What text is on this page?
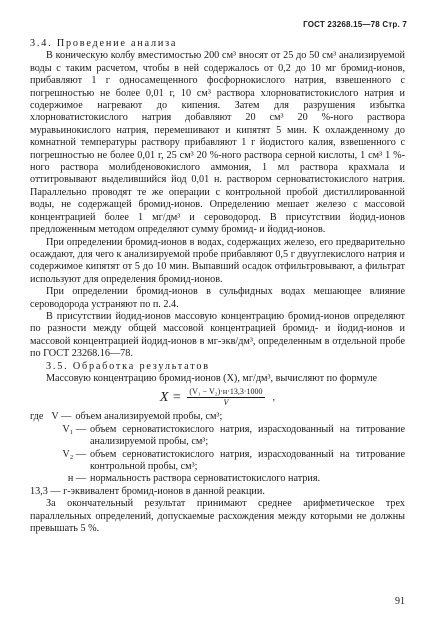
ГОСТ 23268.15—78 Стр. 7

3.4. Проведение анализа

В коническую колбу вместимостью 200 см³ вносят от 25 до 50 см³ анализируемой воды с таким расчетом, чтобы в ней содержалось от 0,2 до 10 мг бромид-ионов, прибавляют 1 г односамещенного фосфорнокислого натрия, взвешенного с погрешностью не более 0,01 г, 10 см³ раствора хлорноватистокислого натрия и содержимое нагревают до кипения. Затем для разрушения избытка хлорноватистокислого натрия добавляют 20 см³ 20 %-ного раствора муравьинокислого натрия, перемешивают и кипятят 5 мин. К охлажденному до комнатной температуры раствору прибавляют 1 г йодистого калия, взвешенного с погрешностью не более 0,01 г, 25 см³ 20 %-ного раствора серной кислоты, 1 см³ 1 %-ного раствора молибденовокислого аммония, 1 мл раствора крахмала и оттитровывают выделившийся йод 0,01 н. раствором серноватистокислого натрия. Параллельно проводят те же операции с контрольной пробой дистиллированной воды, не содержащей бромид-ионов. Определению мешает железо с массовой концентрацией более 1 мг/дм³ и сероводород. В присутствии йодид-ионов предложенным методом определяют сумму бромид- и йодид-ионов.

При определении бромид-ионов в водах, содержащих железо, его предварительно осаждают, для чего к анализируемой пробе прибавляют 0,5 г двууглекислого натрия и содержимое кипятят от 5 до 10 мин. Выпавший осадок отфильтровывают, а фильтрат используют для определения бромид-ионов.

При определении бромид-ионов в сульфидных водах мешающее влияние сероводорода устраняют по п. 2.4.

В присутствии йодид-ионов массовую концентрацию бромид-ионов определяют по разности между общей массовой концентрацией бромид- и йодид-ионов и массовой концентрацией йодид-ионов в мг-экв/дм³, определенным в отдельной пробе по ГОСТ 23268.16—78.

3.5. Обработка результатов

Массовую концентрацию бромид-ионов (X), мг/дм³, вычисляют по формуле

$X = \frac{\text{(V₁ − V₂)·н·13,3·1000}}{V}$ ,
где V — объем анализируемой пробы, см³;
V₁ — объем серноватистокислого натрия, израсходованный на титрование анализируемой пробы, см³;
V₂ — объем серноватистокислого натрия, израсходованный на титрование контрольной пробы, см³;
н — нормальность раствора серноватистокислого натрия.

13,3 — г-эквивалент бромид-ионов в данной реакции.

За окончательный результат принимают среднее арифметическое трех параллельных определений, допускаемые расхождения между которыми не должны превышать 5 %.

91
